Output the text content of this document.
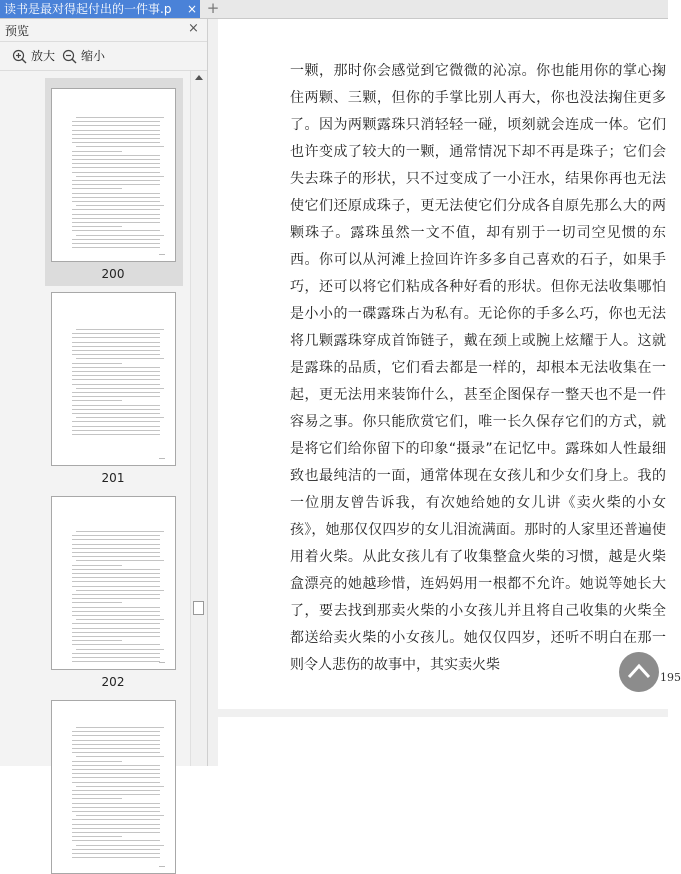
读书是最对得起付出的一件事.p	× +
预览	×
放大 缩小
200
201
202

一颗，那时你会感觉到它微微的沁凉。你也能用你的掌心掬住两颗、三颗，但你的手掌比别人再大，你也没法掬住更多了。因为两颗露珠只消轻轻一碰，顷刻就会连成一体。它们也许变成了较大的一颗，通常情况下却不再是珠子；它们会失去珠子的形状，只不过变成了一小汪水，结果你再也无法使它们还原成珠子，更无法使它们分成各自原先那么大的两颗珠子。露珠虽然一文不值，却有别于一切司空见惯的东西。你可以从河滩上捡回许许多多自己喜欢的石子，如果手巧，还可以将它们粘成各种好看的形状。但你无法收集哪怕是小小的一碟露珠占为私有。无论你的手多么巧，你也无法将几颗露珠穿成首饰链子，戴在颈上或腕上炫耀于人。这就是露珠的品质，它们看去都是一样的，却根本无法收集在一起，更无法用来装饰什么，甚至企图保存一整天也不是一件容易之事。你只能欣赏它们，唯一长久保存它们的方式，就是将它们给你留下的印象“摄录”在记忆中。露珠如人性最细致也最纯洁的一面，通常体现在女孩儿和少女们身上。我的一位朋友曾告诉我，有次她给她的女儿讲《卖火柴的小女孩》，她那仅仅四岁的女儿泪流满面。那时的人家里还普遍使用着火柴。从此女孩儿有了收集整盒火柴的习惯，越是火柴盒漂亮的她越珍惜，连妈妈用一根都不允许。她说等她长大了，要去找到那卖火柴的小女孩儿并且将自己收集的火柴全都送给卖火柴的小女孩儿。她仅仅四岁，还听不明白在那一则令人悲伤的故事中，其实卖火柴

195
